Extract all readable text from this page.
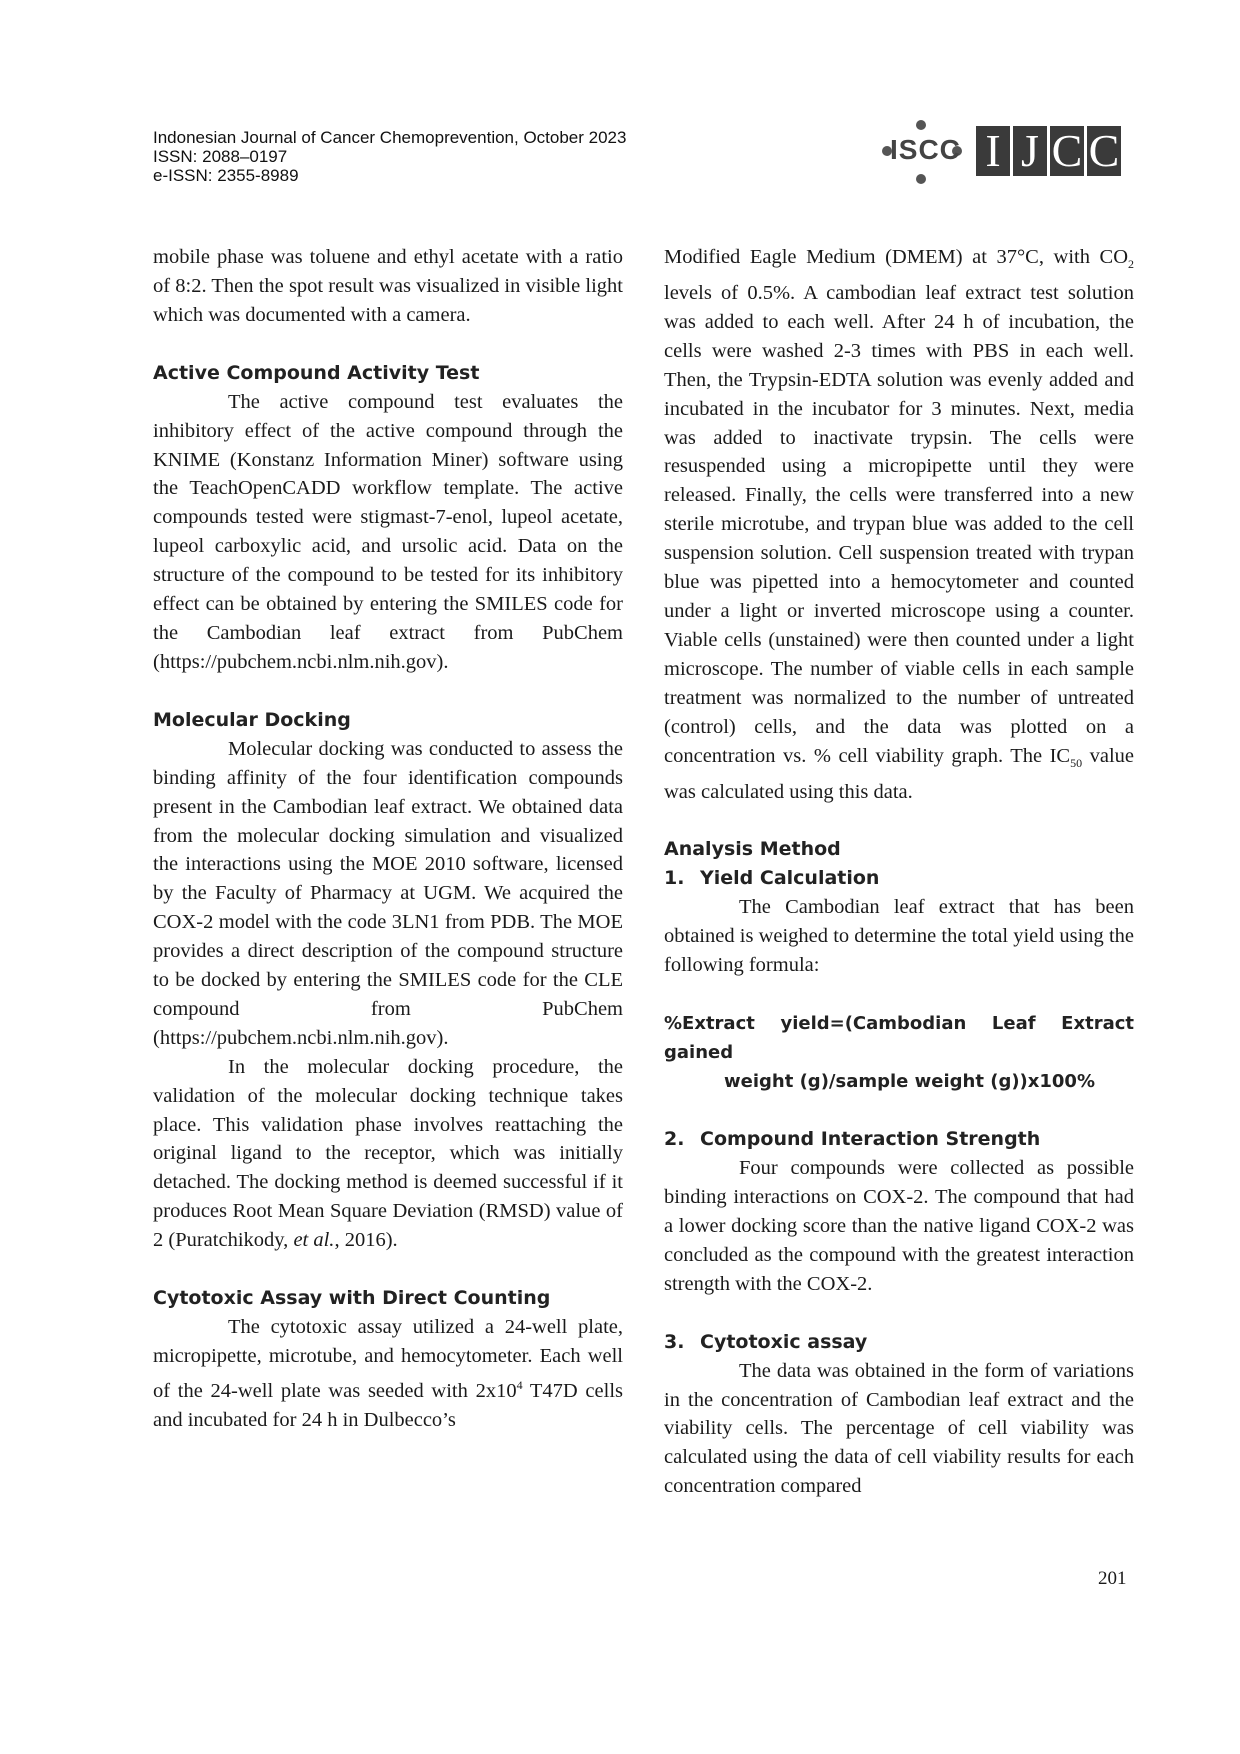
Indonesian Journal of Cancer Chemoprevention, October 2023
ISSN: 2088–0197
e-ISSN: 2355-8989
ISCC I J C C

mobile phase was toluene and ethyl acetate with a ratio of 8:2. Then the spot result was visualized in visible light which was documented with a camera.

Active Compound Activity Test

The active compound test evaluates the inhibitory effect of the active compound through the KNIME (Konstanz Information Miner) software using the TeachOpenCADD workflow template. The active compounds tested were stigmast-7-enol, lupeol acetate, lupeol carboxylic acid, and ursolic acid. Data on the structure of the compound to be tested for its inhibitory effect can be obtained by entering the SMILES code for the Cambodian leaf extract from PubChem (https://pubchem.ncbi.nlm.nih.gov).

Molecular Docking

Molecular docking was conducted to assess the binding affinity of the four identification compounds present in the Cambodian leaf extract. We obtained data from the molecular docking simulation and visualized the interactions using the MOE 2010 software, licensed by the Faculty of Pharmacy at UGM. We acquired the COX-2 model with the code 3LN1 from PDB. The MOE provides a direct description of the compound structure to be docked by entering the SMILES code for the CLE compound from PubChem (https://pubchem.ncbi.nlm.nih.gov).

In the molecular docking procedure, the validation of the molecular docking technique takes place. This validation phase involves reattaching the original ligand to the receptor, which was initially detached. The docking method is deemed successful if it produces Root Mean Square Deviation (RMSD) value of 2 (Puratchikody, et al., 2016).

Cytotoxic Assay with Direct Counting

The cytotoxic assay utilized a 24-well plate, micropipette, microtube, and hemocytometer. Each well of the 24-well plate was seeded with $2x10^4$ T47D cells and incubated for 24 h in Dulbecco’s

Modified Eagle Medium (DMEM) at 37°C, with $CO_2$ levels of 0.5%. A cambodian leaf extract test solution was added to each well. After 24 h of incubation, the cells were washed 2-3 times with PBS in each well. Then, the Trypsin-EDTA solution was evenly added and incubated in the incubator for 3 minutes. Next, media was added to inactivate trypsin. The cells were resuspended using a micropipette until they were released. Finally, the cells were transferred into a new sterile microtube, and trypan blue was added to the cell suspension solution. Cell suspension treated with trypan blue was pipetted into a hemocytometer and counted under a light or inverted microscope using a counter. Viable cells (unstained) were then counted under a light microscope. The number of viable cells in each sample treatment was normalized to the number of untreated (control) cells, and the data was plotted on a concentration vs. % cell viability graph. The $IC_{50}$ value was calculated using this data.

Analysis Method

1. Yield Calculation

The Cambodian leaf extract that has been obtained is weighed to determine the total yield using the following formula:

%Extract yield=(Cambodian Leaf Extract gained
weight (g)/sample weight (g))x100%

2. Compound Interaction Strength

Four compounds were collected as possible binding interactions on COX-2. The compound that had a lower docking score than the native ligand COX-2 was concluded as the compound with the greatest interaction strength with the COX-2.

3. Cytotoxic assay

The data was obtained in the form of variations in the concentration of Cambodian leaf extract and the viability cells. The percentage of cell viability was calculated using the data of cell viability results for each concentration compared

201
